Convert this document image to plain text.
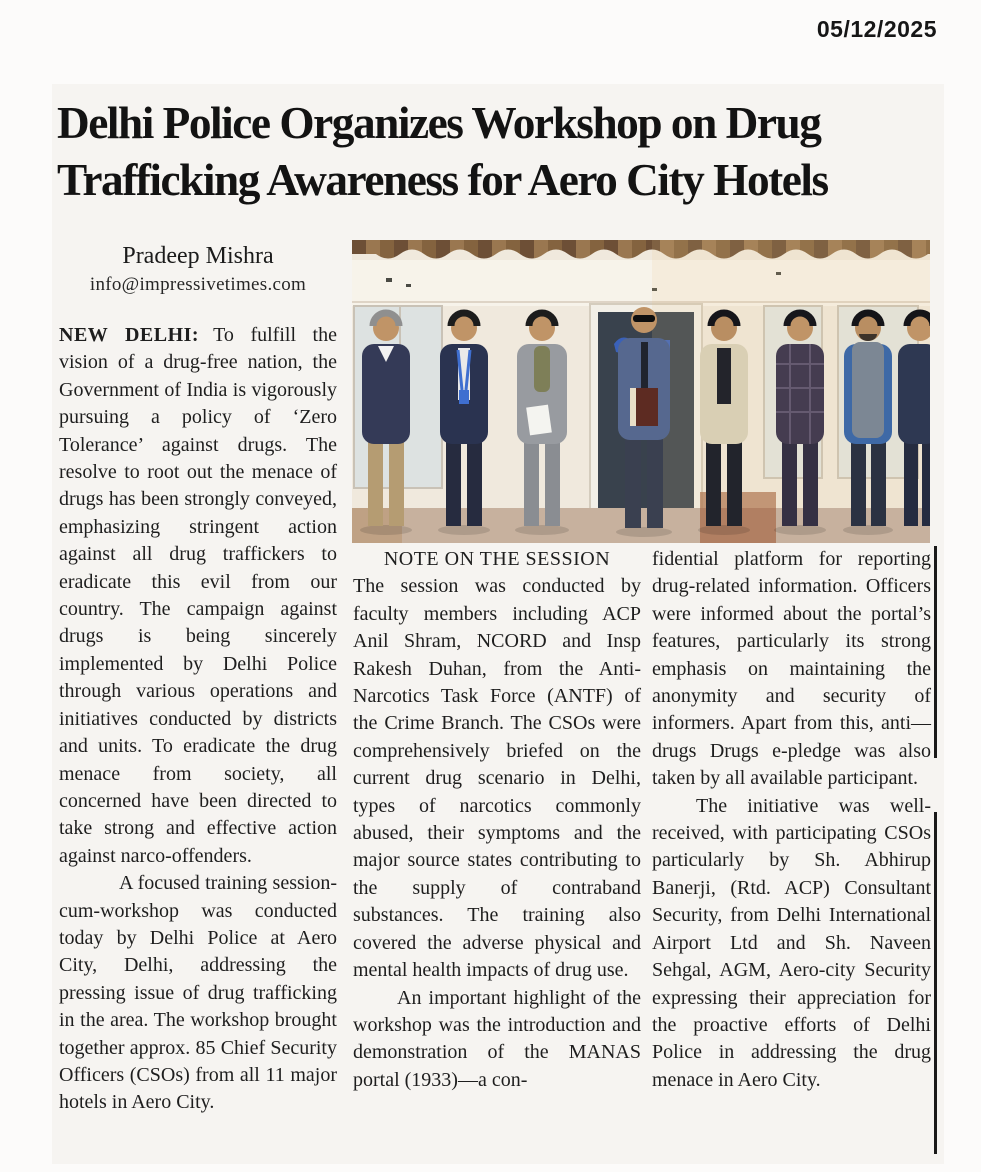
05/12/2025
Delhi Police Organizes Workshop on Drug
Trafficking Awareness for Aero City Hotels
Pradeep Mishra
info@impressivetimes.com

NEW DELHI: To fulfill the vision of a drug-free nation, the Government of India is vigorously pursuing a policy of ‘Zero Tolerance’ against drugs. The resolve to root out the menace of drugs has been strongly conveyed, emphasizing stringent action against all drug traffickers to eradicate this evil from our country. The campaign against drugs is being sincerely implemented by Delhi Police through various operations and initiatives conducted by districts and units. To eradicate the drug menace from society, all concerned have been directed to take strong and effective action against narco-offenders.

A focused training session-cum-workshop was conducted today by Delhi Police at Aero City, Delhi, addressing the pressing issue of drug trafficking in the area. The workshop brought together approx. 85 Chief Security Officers (CSOs) from all 11 major hotels in Aero City.

NOTE ON THE SESSION

The session was conducted by faculty members including ACP Anil Shram, NCORD and Insp Rakesh Duhan, from the Anti-Narcotics Task Force (ANTF) of the Crime Branch. The CSOs were comprehensively briefed on the current drug scenario in Delhi, types of narcotics commonly abused, their symptoms and the major source states contributing to the supply of contraband substances. The training also covered the adverse physical and mental health impacts of drug use.

An important highlight of the workshop was the introduction and demonstration of the MANAS portal (1933)—a con-

fidential platform for reporting drug-related information. Officers were informed about the portal’s features, particularly its strong emphasis on maintaining the anonymity and security of informers. Apart from this, anti—drugs Drugs e-pledge was also taken by all available participant.

The initiative was well-received, with participating CSOs particularly by Sh. Abhirup Banerji, (Rtd. ACP) Consultant Security, from Delhi International Airport Ltd and Sh. Naveen Sehgal, AGM, Aero-city Security expressing their appreciation for the proactive efforts of Delhi Police in addressing the drug menace in Aero City.
